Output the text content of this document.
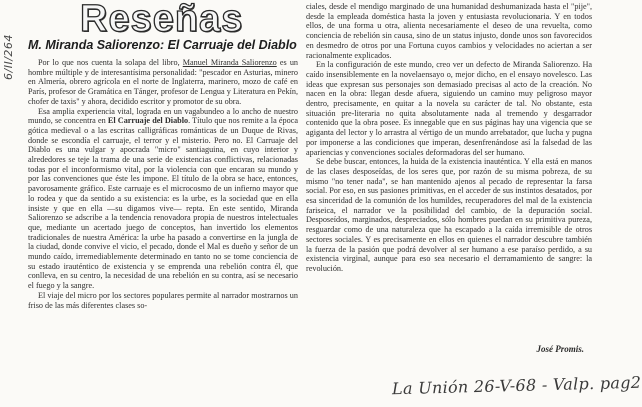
6/II/264
Reseñas
M. Miranda Saliorenzo: El Carruaje del Diablo

Por lo que nos cuenta la solapa del libro, Manuel Miranda Saliorenzo es un hombre múltiple y de interesantísima personalidad: "pescador en Asturias, minero en Almería, obrero agrícola en el norte de Inglaterra, marinero, mozo de café en París, profesor de Gramática en Tánger, profesor de Lengua y Literatura en Pekín, chofer de taxis" y ahora, decidido escritor y promotor de su obra.

Esa amplia experiencia vital, lograda en un vagabundeo a lo ancho de nuestro mundo, se concentra en El Carruaje del Diablo. Título que nos remite a la época gótica medieval o a las escritas calligráficas románticas de un Duque de Rivas, donde se escondía el carruaje, el terror y el misterio. Pero no. El Carruaje del Diablo es una vulgar y apocrada "micro" santiaguina, en cuyo interior y alrededores se teje la trama de una serie de existencias conflictivas, relacionadas todas por el inconformismo vital, por la violencia con que encaran su mundo y por las convenciones que éste les impone. El título de la obra se hace, entonces, pavorosamente gráfico. Este carruaje es el microcosmo de un infierno mayor que lo rodea y que da sentido a su existencia: es la urbe, es la sociedad que en ella insiste y que en ella —su digamos vive— repta. En este sentido, Miranda Saliorenzo se adscribe a la tendencia renovadora propia de nuestros intelectuales que, mediante un acertado juego de conceptos, han invertido los elementos tradicionales de nuestra América: la urbe ha pasado a convertirse en la jungla de la ciudad, donde convive el vicio, el pecado, donde el Mal es dueño y señor de un mundo caído, irremediablemente determinado en tanto no se tome conciencia de su estado irauténtico de existencia y se emprenda una rebelión contra él, que conlleva, en su centro, la necesidad de una rebelión en su contra, así se necesario el fuego y la sangre.

El viaje del micro por los sectores populares permite al narrador mostrarnos un friso de las más diferentes clases so-

ciales, desde el mendigo marginado de una humanidad deshumanizada hasta el "pije", desde la empleada doméstica hasta la joven y entusiasta revolucionaria. Y en todos ellos, de una forma u otra, alienta necesariamente el deseo de una revuelta, como conciencia de rebelión sin causa, sino de un status injusto, donde unos son favorecidos en desmedro de otros por una Fortuna cuyos cambios y velocidades no aciertan a ser racionalmente explicados.

En la configuración de este mundo, creo ver un defecto de Miranda Saliorenzo. Ha caído insensiblemente en la novelaensayo o, mejor dicho, en el ensayo novelesco. Las ideas que expresan sus personajes son demasiado precisas al acto de la creación. No nacen en la obra: llegan desde afuera, siguiendo un camino muy peligroso mayor dentro, precisamente, en quitar a la novela su carácter de tal. No obstante, esta situación pre-literaria no quita absolutamente nada al tremendo y desgarrador contenido que la obra posee. Es innegable que en sus páginas hay una vigencia que se agiganta del lector y lo arrastra al vértigo de un mundo arrebatador, que lucha y pugna por imponerse a las condiciones que imperan, desenfrenándose así la falsedad de las apariencias y convenciones sociales deformadoras del ser humano.

Se debe buscar, entonces, la huida de la existencia inauténtica. Y ella está en manos de las clases desposeídas, de los seres que, por razón de su misma pobreza, de su mismo "no tener nada", se han mantenido ajenos al pecado de representar la farsa social. Por eso, en sus pasiones primitivas, en el acceder de sus instintos desatados, por esa sinceridad de la comunión de los humildes, recuperadores del mal de la existencia fariseica, el narrador ve la posibilidad del cambio, de la depuración social. Desposeídos, marginados, despreciados, sólo hombres puedan en su primitiva pureza, resguardar como de una naturaleza que ha escapado a la caída irremisible de otros sectores sociales. Y es precisamente en ellos en quienes el narrador descubre también la fuerza de la pasión que podrá devolver al ser humano a ese paraíso perdido, a su existencia virginal, aunque para eso sea necesario el derramamiento de sangre: la revolución.

José Promis.
La Unión 26-V-68 - Valp. pag2
